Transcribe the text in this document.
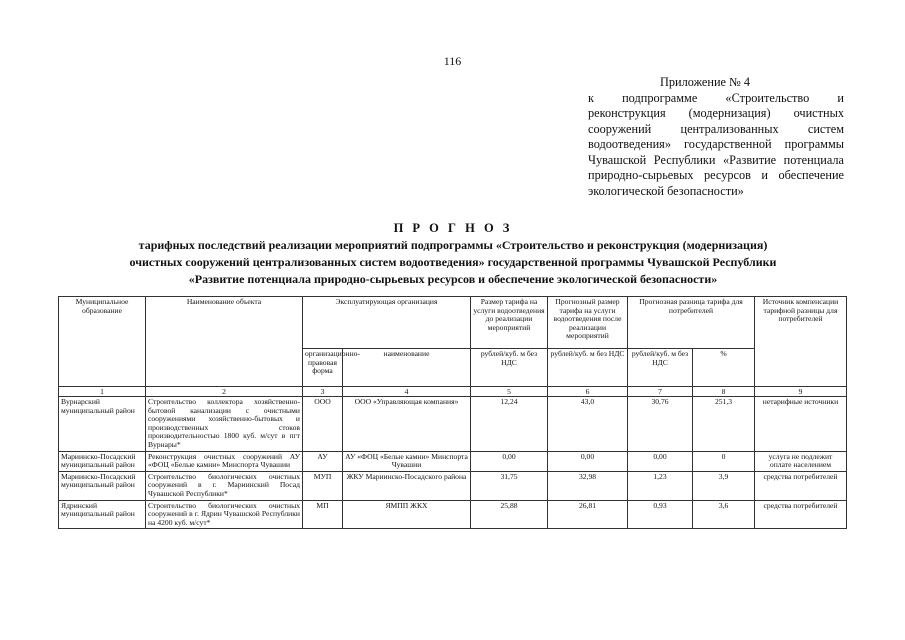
116
Приложение № 4
к подпрограмме «Строительство и реконструкция (модернизация) очистных сооружений централизованных систем водоотведения» государственной программы Чувашской Республики «Развитие потенциала природно-сырьевых ресурсов и обеспечение экологической безопасности»
П Р О Г Н О З
тарифных последствий реализации мероприятий подпрограммы «Строительство и реконструкция (модернизация)
очистных сооружений централизованных систем водоотведения» государственной программы Чувашской Республики
«Развитие потенциала природно-сырьевых ресурсов и обеспечение экологической безопасности»
Муниципальное образование	Наименование объекта	Эксплуатирующая организация		Размер тарифа на услуги водоотведения до реализации мероприятий	Прогнозный размер тарифа на услуги водоотведения после реализации мероприятий	Прогнозная разница тарифа для потребителей		Источник компенсации тарифной разницы для потребителей
		организационно-правовая форма	наименование	рублей/куб. м без НДС	рублей/куб. м без НДС	рублей/куб. м без НДС	%	
1	2	3	4	5	6	7	8	9
Вурнарский муниципальный район	Строительство коллектора хозяйственно-бытовой канализации с очистными сооружениями хозяйственно-бытовых и производственных стоков производительностью 1800 куб. м/сут в пгт Вурнары*	ООО	ООО «Управляющая компания»	12,24	43,0	30,76	251,3	нетарифные источники
Мариинско-Посадский муниципальный район	Реконструкция очистных сооружений АУ «ФОЦ «Белые камни» Минспорта Чувашии	АУ	АУ «ФОЦ «Белые камни» Минспорта Чувашии	0,00	0,00	0,00	0	услуга не подлежит оплате населением
Мариинско-Посадский муниципальный район	Строительство биологических очистных сооружений в г. Мариинский Посад Чувашской Республики*	МУП	ЖКУ Мариинско-Посадского района	31,75	32,98	1,23	3,9	средства потребителей
Ядринский муниципальный район	Строительство биологических очистных сооружений в г. Ядрин Чувашской Республики на 4200 куб. м/сут*	МП	ЯМПП ЖКХ	25,88	26,81	0,93	3,6	средства потребителей
